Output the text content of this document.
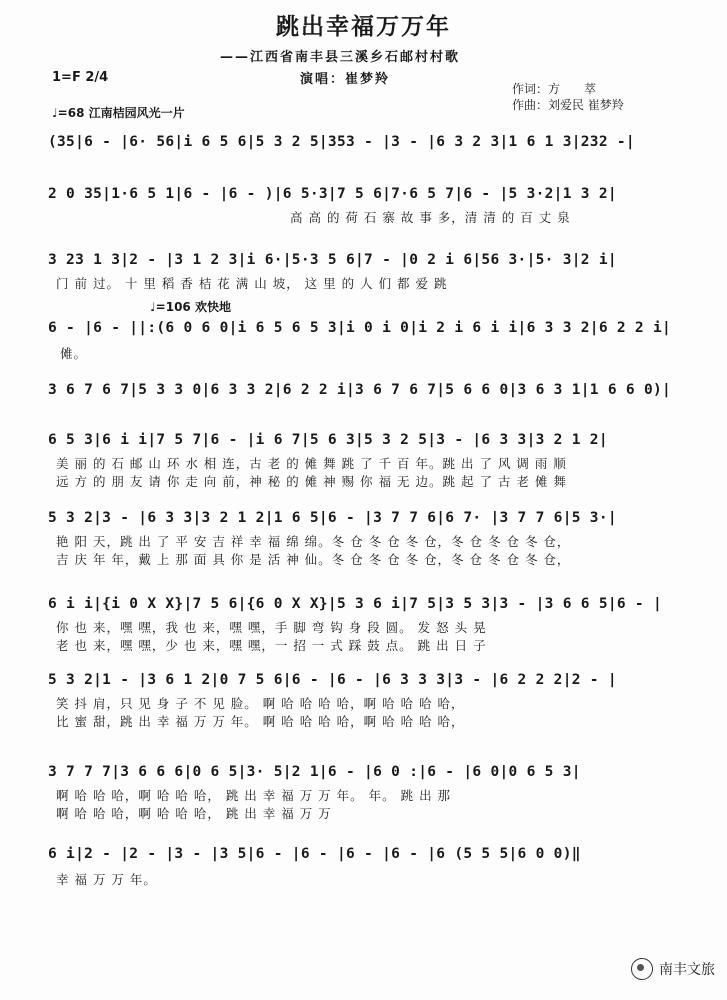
跳出幸福万万年
——江西省南丰县三溪乡石邮村村歌
演唱：崔梦羚
作词：方　　萃
作曲：刘爱民 崔梦羚
1=F 2/4
♩=68 江南桔园风光一片
♩=106 欢快地
(35|6 - |6· 56|i 6 5 6|5 3 2 5|353 - |3 - |6 3 2 3|1 6 1 3|232 -|
2 0 35|1·6 5 1|6 - |6 - )|6 5·3|7 5 6|7·6 5 7|6 - |5 3·2|1 3 2|
高 高 的 荷 石 寨 故 事 多，清 清 的 百 丈 泉
3 23 1 3|2 - |3 1 2 3|i 6·|5·3 5 6|7 - |0 2 i 6|56 3·|5· 3|2 i|
门 前 过。 十 里 稻 香 桔 花 满 山 坡， 这 里 的 人 们 都 爱 跳
6 - |6 - ||:(6 0 6 0|i 6 5 6 5 3|i 0 i 0|i 2 i 6 i i|6 3 3 2|6 2 2 i|
傩。
3 6 7 6 7|5 3 3 0|6 3 3 2|6 2 2 i|3 6 7 6 7|5 6 6 0|3 6 3 1|1 6 6 0)|
6 5 3|6 i i|7 5 7|6 - |i 6 7|5 6 3|5 3 2 5|3 - |6 3 3|3 2 1 2|
美 丽 的 石 邮 山 环 水 相 连，古 老 的 傩 舞 跳 了 千 百 年。跳 出 了 风 调 雨 顺
远 方 的 朋 友 请 你 走 向 前，神 秘 的 傩 神 赐 你 福 无 边。跳 起 了 古 老 傩 舞
5 3 2|3 - |6 3 3|3 2 1 2|1 6 5|6 - |3 7 7 6|6 7· |3 7 7 6|5 3·|
艳 阳 天，跳 出 了 平 安 吉 祥 幸 福 绵 绵。冬 仓 冬 仓 冬 仓，冬 仓 冬 仓 冬 仓，
吉 庆 年 年，戴 上 那 面 具 你 是 活 神 仙。冬 仓 冬 仓 冬 仓，冬 仓 冬 仓 冬 仓，
6 i i|{i 0 X X}|7 5 6|{6 0 X X}|5 3 6 i|7 5|3 5 3|3 - |3 6 6 5|6 - |
你 也 来，嘿 嘿，我 也 来，嘿 嘿，手 脚 弯 钩 身 段 圆。 发 怒 头 晃
老 也 来，嘿 嘿，少 也 来，嘿 嘿，一 招 一 式 踩 鼓 点。 跳 出 日 子
5 3 2|1 - |3 6 1 2|0 7 5 6|6 - |6 - |6 3 3 3|3 - |6 2 2 2|2 - |
笑 抖 肩，只 见 身 子 不 见 脸。 啊 哈 哈 哈 哈，啊 哈 哈 哈 哈，
比 蜜 甜，跳 出 幸 福 万 万 年。 啊 哈 哈 哈 哈，啊 哈 哈 哈 哈，
3 7 7 7|3 6 6 6|0 6 5|3· 5|2 1|6 - |6 0 :|6 - |6 0|0 6 5 3|
啊 哈 哈 哈，啊 哈 哈 哈， 跳 出 幸 福 万 万 年。 年。 跳 出 那
啊 哈 哈 哈，啊 哈 哈 哈， 跳 出 幸 福 万 万
6 i|2 - |2 - |3 - |3 5|6 - |6 - |6 - |6 - |6 (5 5 5|6 0 0)‖
幸 福 万 万 年。
南丰文旅
